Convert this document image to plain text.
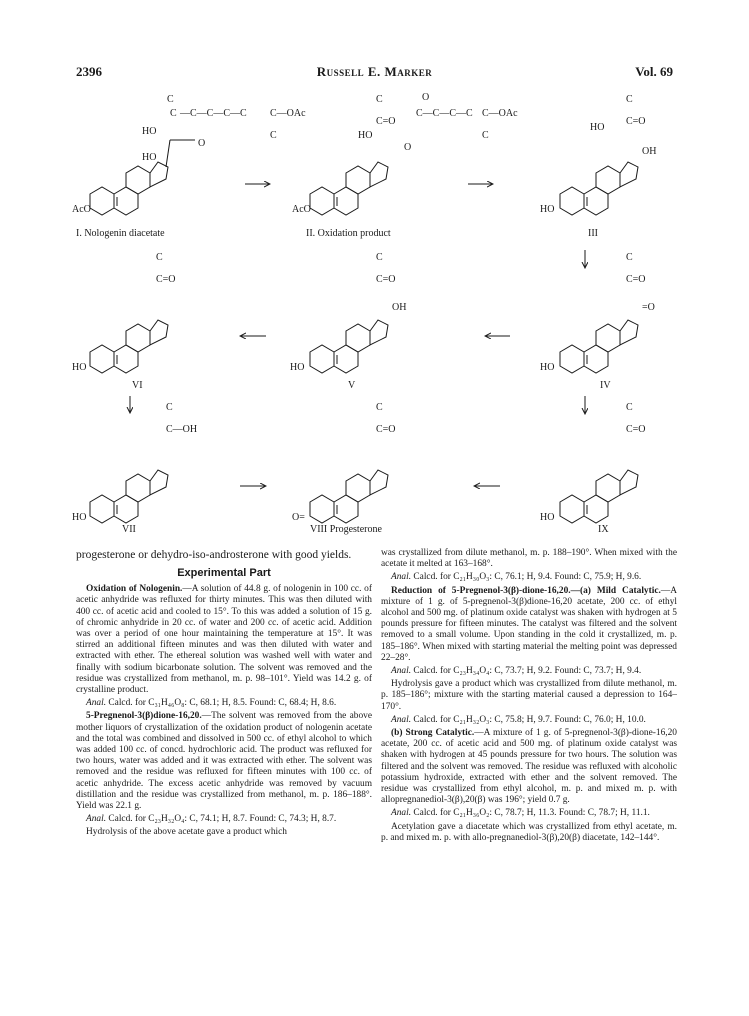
2396	Russell E. Marker	Vol. 69
AcO
HO
C
C —C—C—C—C C—OAc
C
HO
O
I. Nologenin diacetate
AcO
C
C=O
HO
O
C—C—C—C
O
C—OAc
C
II. Oxidation product
HO
C
C=O
HO
OH
III
HO
C
C=O
=O
IV
HO
C
C=O
OH
V
HO
C
C=O
VI
HO
C
C—OH
VII
O=
C
C=O
VIII Progesterone
HO
C
C=O
IX

progesterone or dehydro-iso-androsterone with good yields.

Experimental Part

Oxidation of Nologenin.—A solution of 44.8 g. of nologenin in 100 cc. of acetic anhydride was refluxed for thirty minutes. This was then diluted with 400 cc. of acetic acid and cooled to 15°. To this was added a solution of 15 g. of chromic anhydride in 20 cc. of water and 200 cc. of acetic acid. Addition was over a period of one hour maintaining the temperature at 15°. It was stirred an additional fifteen minutes and was then diluted with water and extracted with ether. The ethereal solution was washed well with water and finally with sodium bicarbonate solution. The solvent was removed and the residue was crystallized from methanol, m. p. 98–101°. Yield was 14.2 g. of crystalline product.

Anal. Calcd. for C₃₁H₄₆O₈: C, 68.1; H, 8.5. Found: C, 68.4; H, 8.6.

5-Pregnenol-3(β)dione-16,20.—The solvent was removed from the above mother liquors of crystallization of the oxidation product of nologenin acetate and the total was combined and dissolved in 500 cc. of ethyl alcohol to which was added 100 cc. of concd. hydrochloric acid. The product was refluxed for two hours, water was added and it was extracted with ether. The solvent was removed and the residue was refluxed for fifteen minutes with 100 cc. of acetic anhydride. The excess acetic anhydride was removed by vacuum distillation and the residue was crystallized from methanol, m. p. 186–188°. Yield was 22.1 g.

Anal. Calcd. for C₂₃H₃₂O₄: C, 74.1; H, 8.7. Found: C, 74.3; H, 8.7.

Hydrolysis of the above acetate gave a product which

was crystallized from dilute methanol, m. p. 188–190°. When mixed with the acetate it melted at 163–168°.

Anal. Calcd. for C₂₁H₃₀O₃: C, 76.1; H, 9.4. Found: C, 75.9; H, 9.6.

Reduction of 5-Pregnenol-3(β)-dione-16,20.—(a) Mild Catalytic.—A mixture of 1 g. of 5-pregnenol-3(β)dione-16,20 acetate, 200 cc. of ethyl alcohol and 500 mg. of platinum oxide catalyst was shaken with hydrogen at 5 pounds pressure for fifteen minutes. The catalyst was filtered and the solvent removed to a small volume. Upon standing in the cold it crystallized, m. p. 185–186°. When mixed with starting material the melting point was depressed 22–28°.

Anal. Calcd. for C₂₃H₃₄O₄: C, 73.7; H, 9.2. Found: C, 73.7; H, 9.4.

Hydrolysis gave a product which was crystallized from dilute methanol, m. p. 185–186°; mixture with the starting material caused a depression to 164–170°.

Anal. Calcd. for C₂₁H₃₂O₃: C, 75.8; H, 9.7. Found: C, 76.0; H, 10.0.

(b) Strong Catalytic.—A mixture of 1 g. of 5-pregnenol-3(β)-dione-16,20 acetate, 200 cc. of acetic acid and 500 mg. of platinum oxide catalyst was shaken with hydrogen at 45 pounds pressure for two hours. The solution was filtered and the solvent was removed. The residue was refluxed with alcoholic potassium hydroxide, extracted with ether and the solvent removed. The residue was crystallized from ethyl alcohol, m. p. and mixed m. p. with allopregnanediol-3(β),20(β) was 196°; yield 0.7 g.

Anal. Calcd. for C₂₁H₃₆O₂: C, 78.7; H, 11.3. Found: C, 78.7; H, 11.1.

Acetylation gave a diacetate which was crystallized from ethyl acetate, m. p. and mixed m. p. with allo-pregnanediol-3(β),20(β) diacetate, 142–144°.
